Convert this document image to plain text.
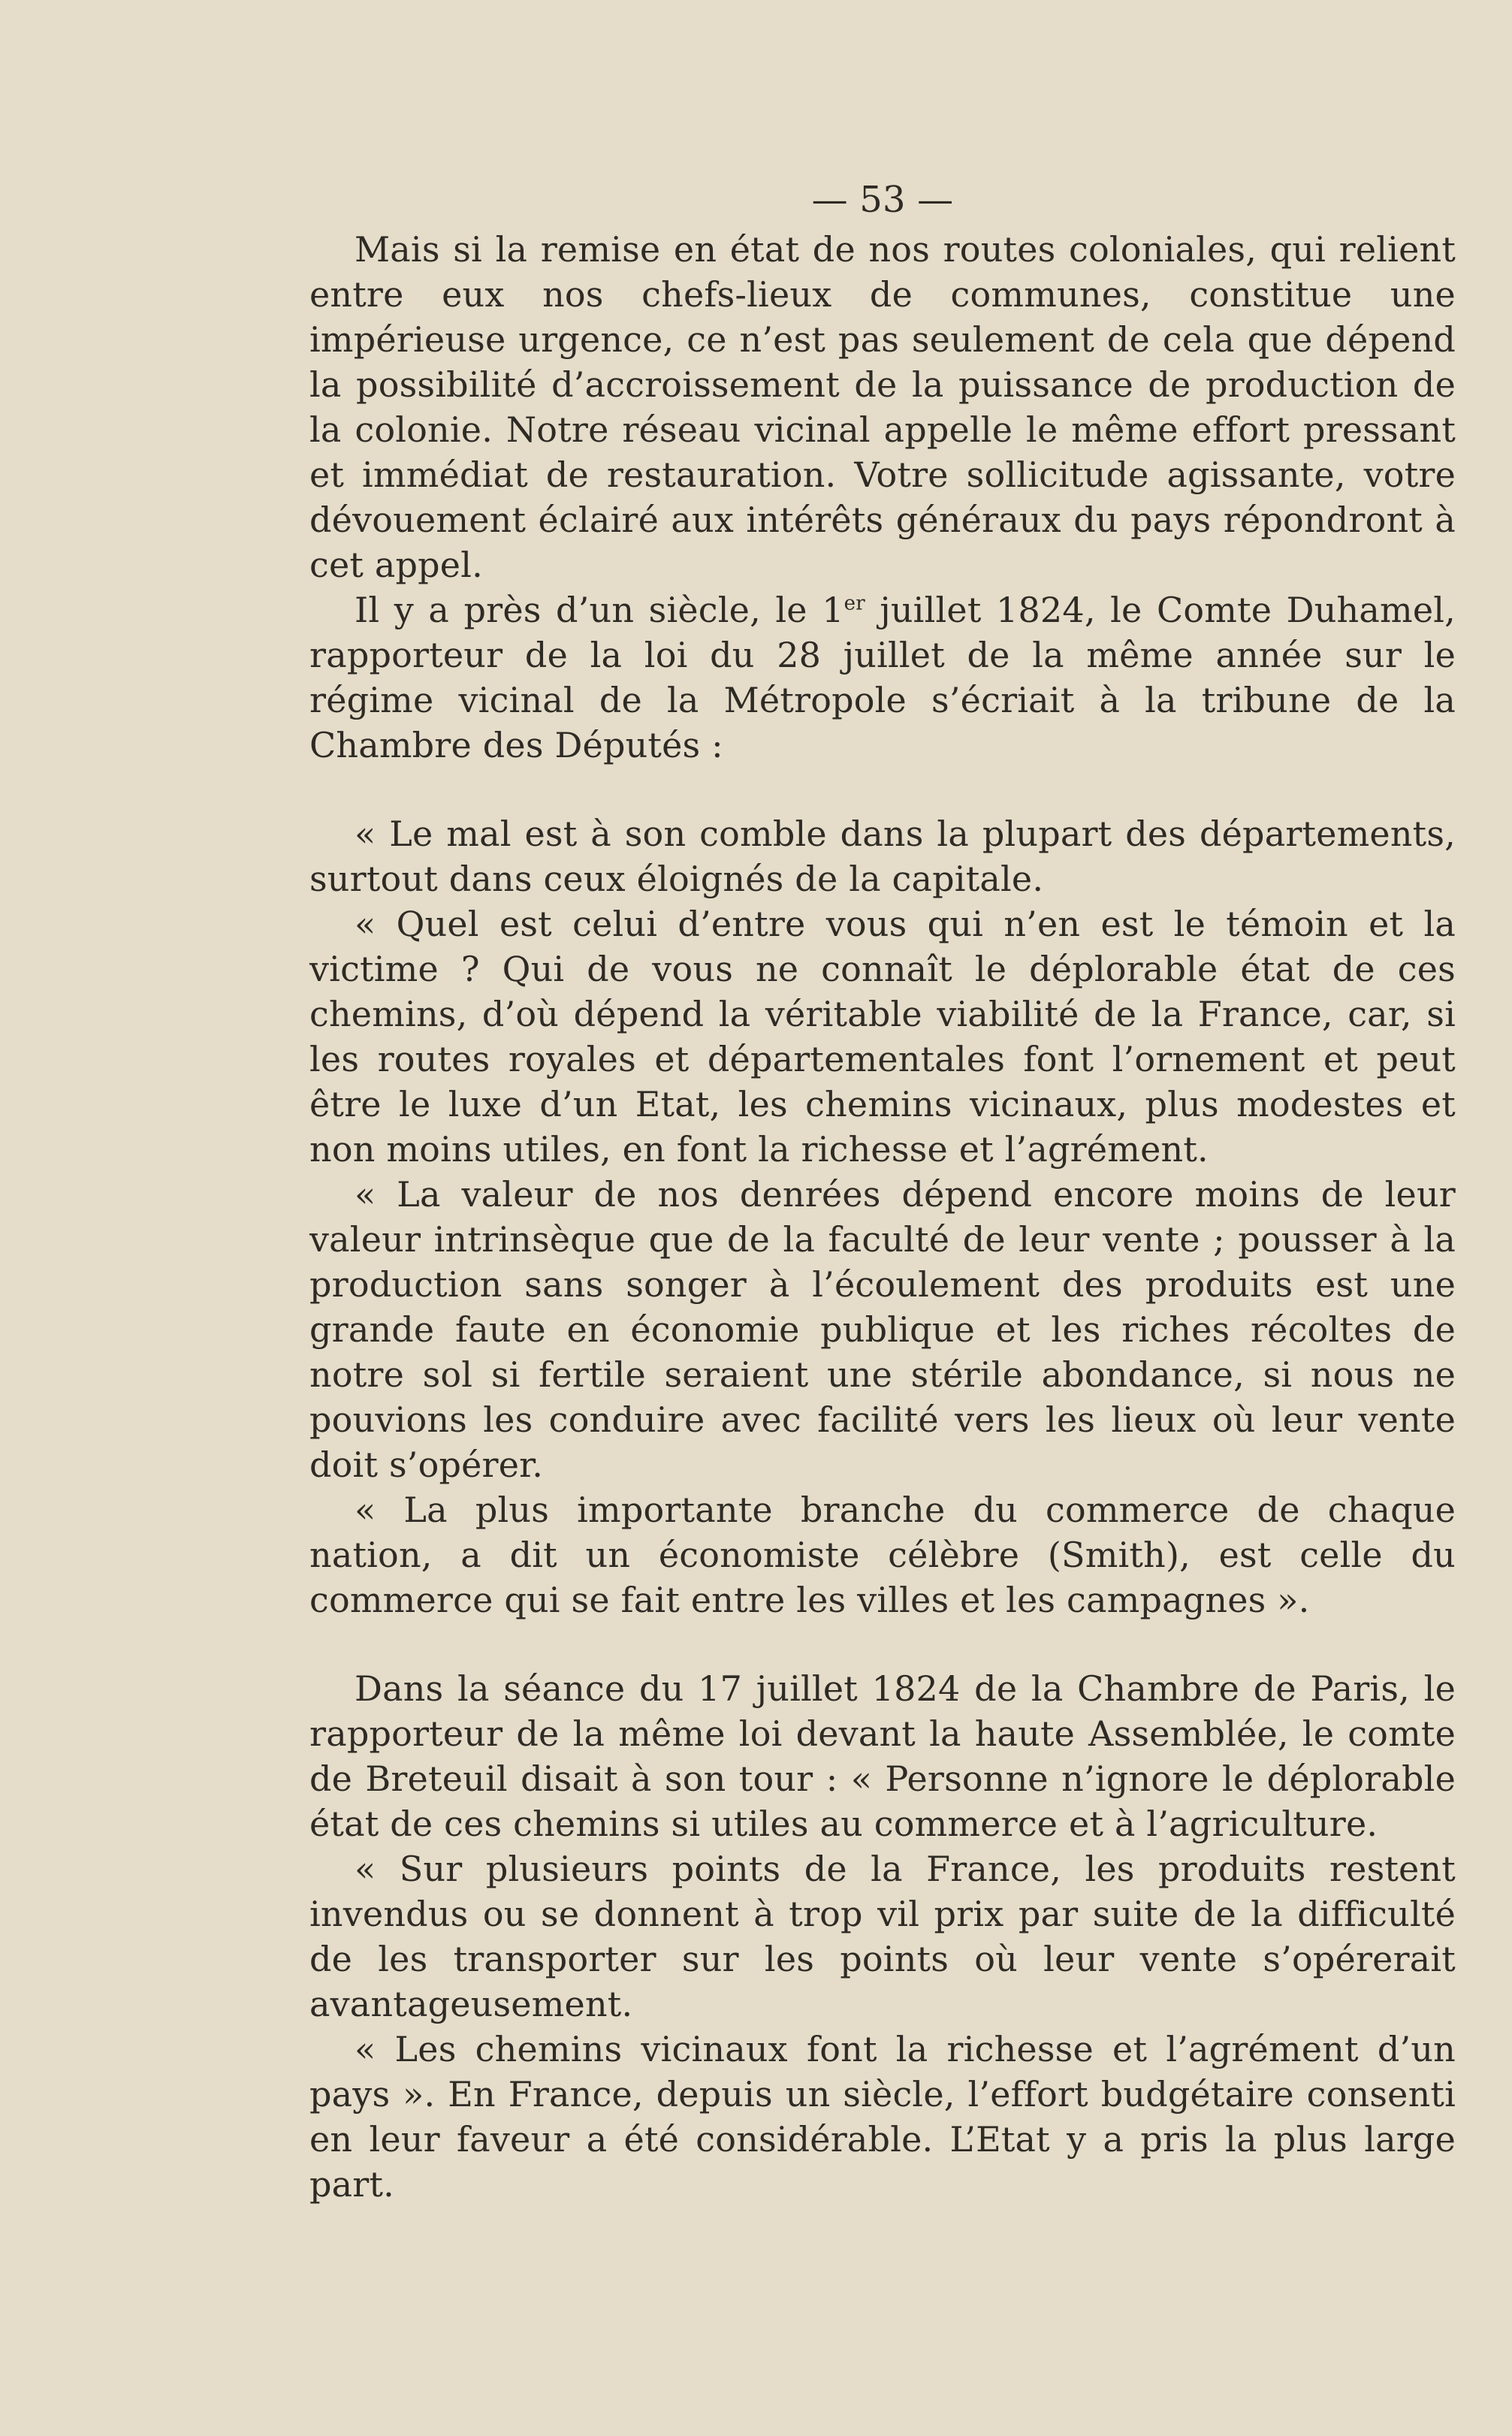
— 53 —

Mais si la remise en état de nos routes coloniales, qui relient entre eux nos chefs-lieux de communes, constitue une impérieuse urgence, ce n’est pas seulement de cela que dépend la possibilité d’accroissement de la puissance de production de la colonie. Notre réseau vicinal appelle le même effort pressant et immédiat de restauration. Votre sollicitude agissante, votre dévouement éclairé aux intérêts généraux du pays répondront à cet appel.

Il y a près d’un siècle, le 1er juillet 1824, le Comte Duhamel, rapporteur de la loi du 28 juillet de la même année sur le régime vicinal de la Métropole s’écriait à la tribune de la Chambre des Députés :

« Le mal est à son comble dans la plupart des départements, surtout dans ceux éloignés de la capitale.

« Quel est celui d’entre vous qui n’en est le témoin et la victime ? Qui de vous ne connaît le déplorable état de ces chemins, d’où dépend la véritable viabilité de la France, car, si les routes royales et départementales font l’ornement et peut être le luxe d’un Etat, les chemins vicinaux, plus modestes et non moins utiles, en font la richesse et l’agrément.

« La valeur de nos denrées dépend encore moins de leur valeur intrinsèque que de la faculté de leur vente ; pousser à la production sans songer à l’écoulement des produits est une grande faute en économie publique et les riches récoltes de notre sol si fertile seraient une stérile abondance, si nous ne pouvions les conduire avec facilité vers les lieux où leur vente doit s’opérer.

« La plus importante branche du commerce de chaque nation, a dit un économiste célèbre (Smith), est celle du commerce qui se fait entre les villes et les campagnes ».

Dans la séance du 17 juillet 1824 de la Chambre de Paris, le rapporteur de la même loi devant la haute Assemblée, le comte de Breteuil disait à son tour : « Personne n’ignore le déplorable état de ces chemins si utiles au commerce et à l’agriculture.

« Sur plusieurs points de la France, les produits restent invendus ou se donnent à trop vil prix par suite de la difficulté de les transporter sur les points où leur vente s’opérerait avantageusement.

« Les chemins vicinaux font la richesse et l’agrément d’un pays ». En France, depuis un siècle, l’effort budgétaire consenti en leur faveur a été considérable. L’Etat y a pris la plus large part.
